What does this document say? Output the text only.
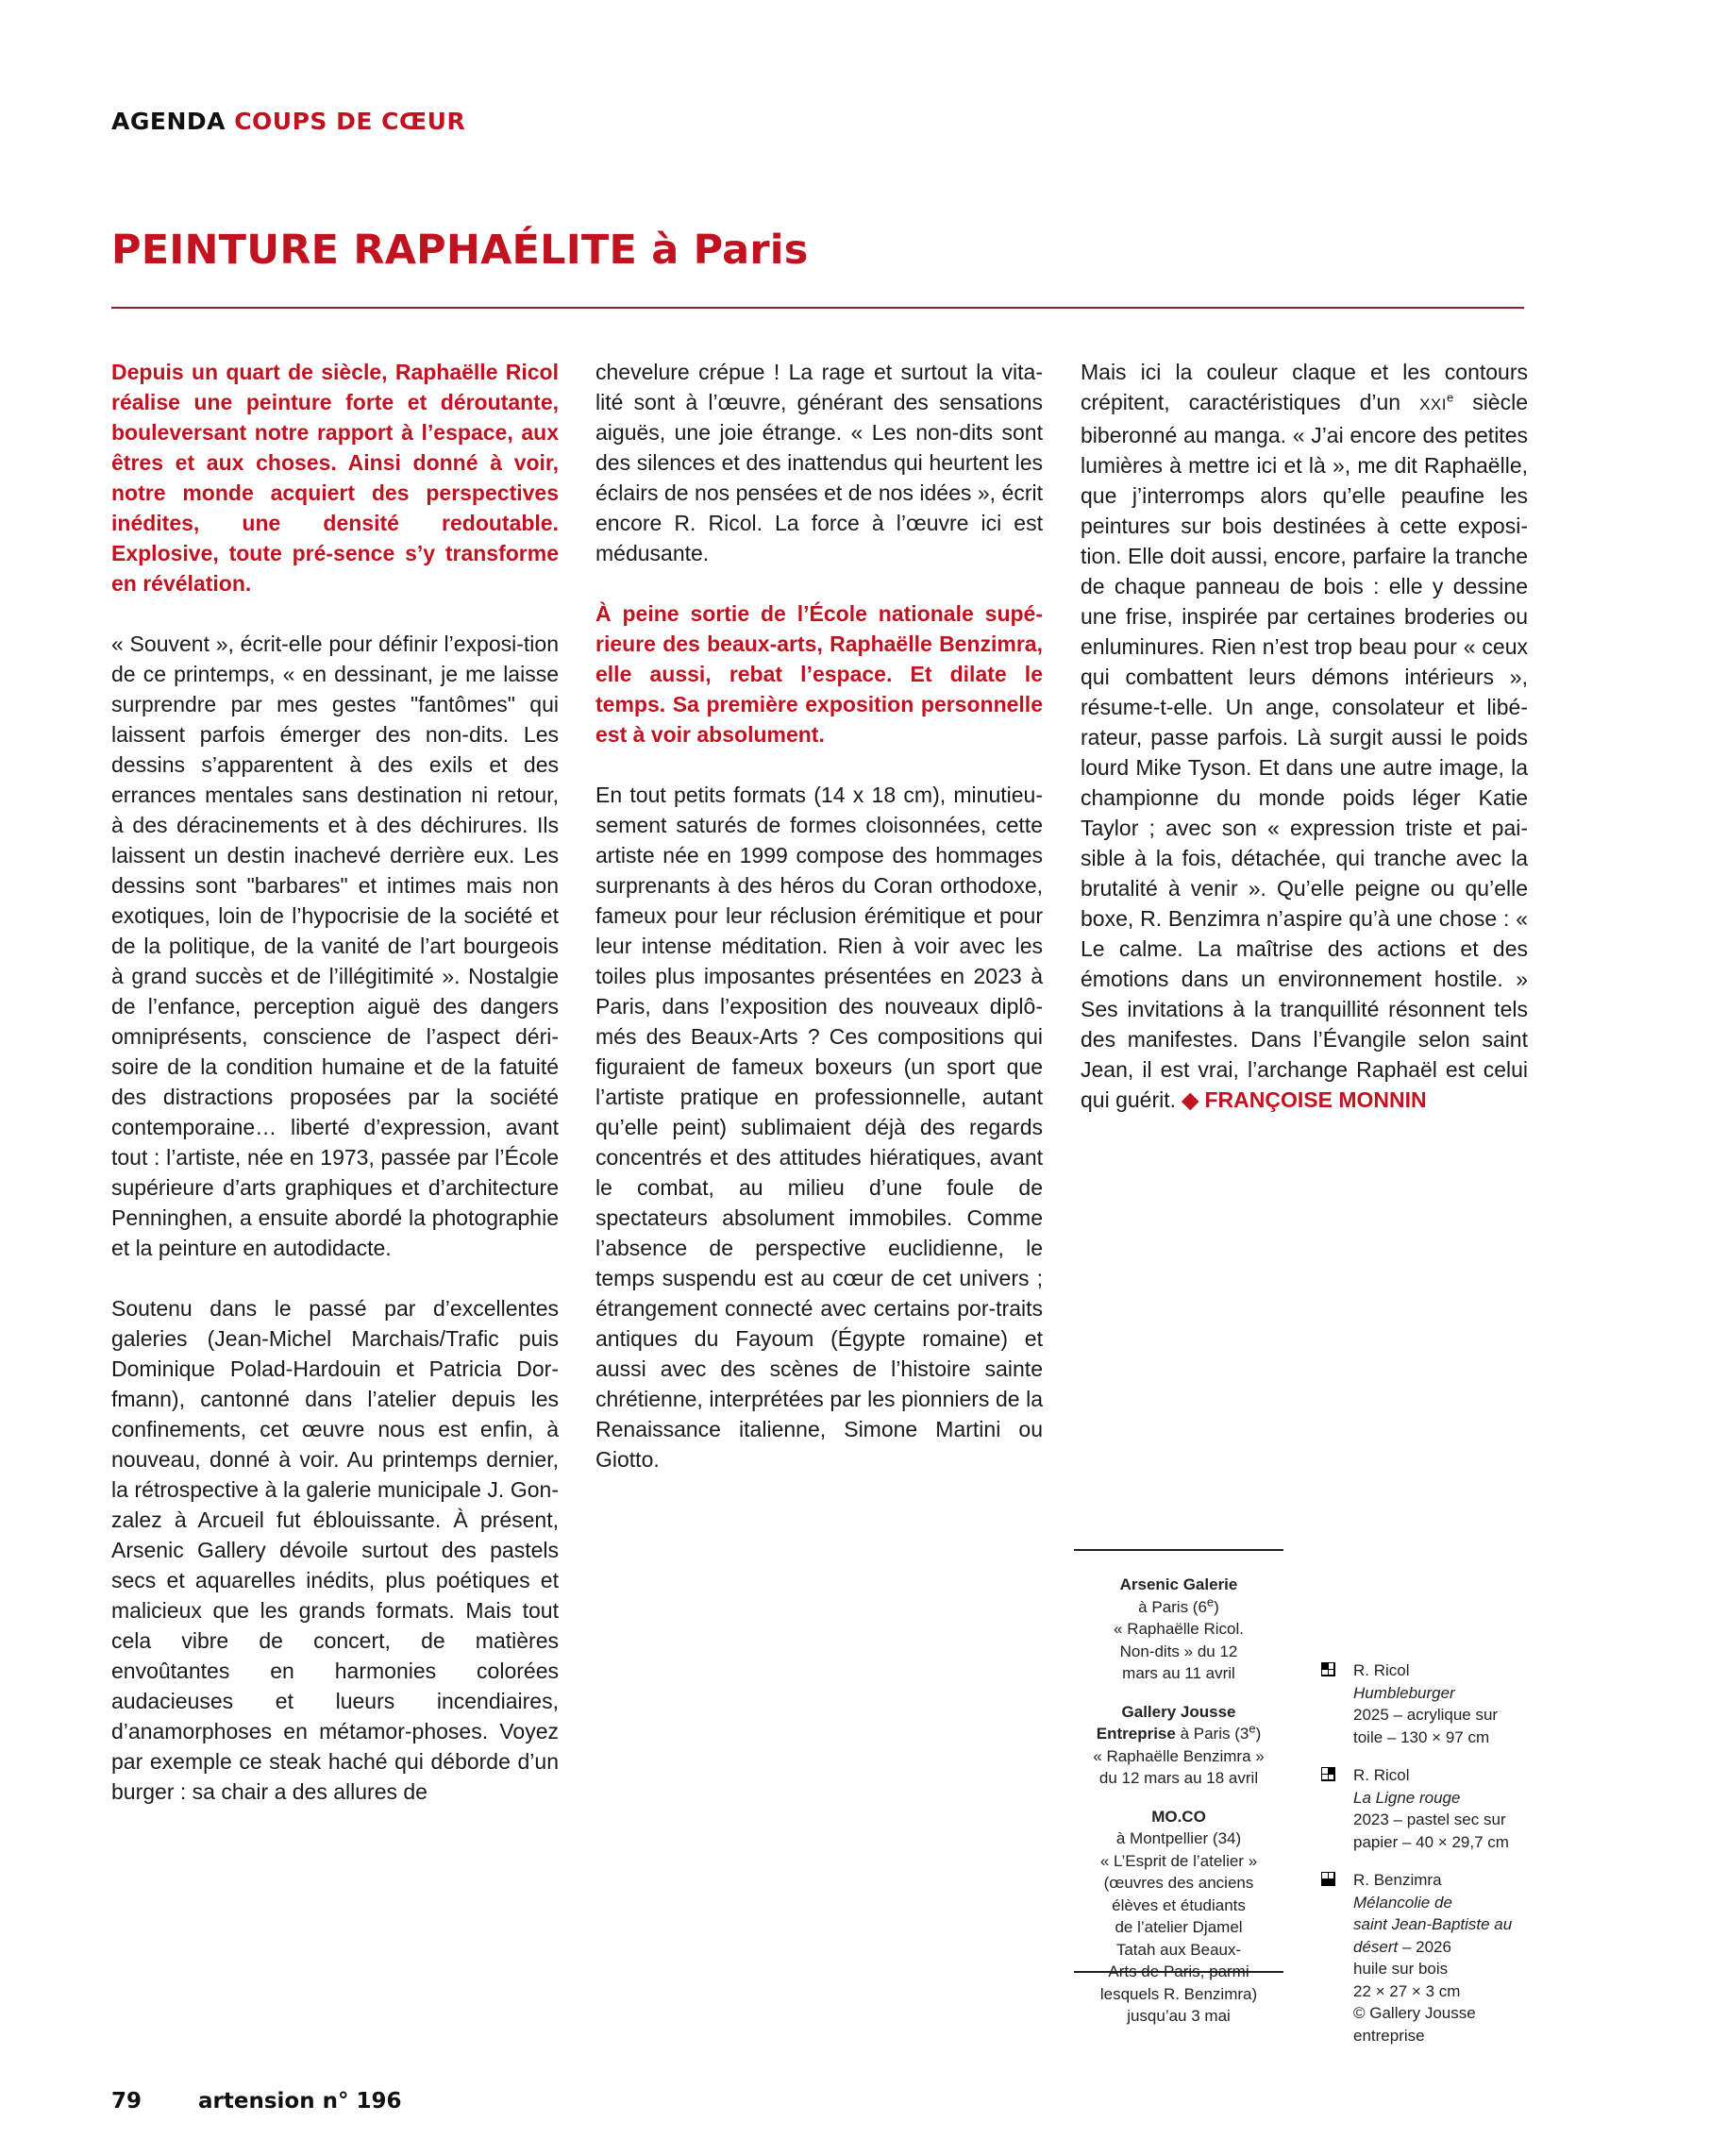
AGENDA COUPS DE CŒUR
PEINTURE RAPHAÉLITE à Paris

Depuis un quart de siècle, Raphaëlle Ricol réalise une peinture forte et déroutante, bouleversant notre rapport à l’espace, aux êtres et aux choses. Ainsi donné à voir, notre monde acquiert des perspectives inédites, une densité redoutable. Explosive, toute pré-sence s’y transforme en révélation.

« Souvent », écrit-elle pour définir l’exposi-tion de ce printemps, « en dessinant, je me laisse surprendre par mes gestes "fantômes" qui laissent parfois émerger des non-dits. Les dessins s’apparentent à des exils et des errances mentales sans destination ni retour, à des déracinements et à des déchirures. Ils laissent un destin inachevé derrière eux. Les dessins sont "barbares" et intimes mais non exotiques, loin de l’hypocrisie de la société et de la politique, de la vanité de l’art bourgeois à grand succès et de l’illégitimité ». Nostalgie de l’enfance, perception aiguë des dangers omniprésents, conscience de l’aspect déri-soire de la condition humaine et de la fatuité des distractions proposées par la société contemporaine… liberté d’expression, avant tout : l’artiste, née en 1973, passée par l’École supérieure d’arts graphiques et d’architecture Penninghen, a ensuite abordé la photographie et la peinture en autodidacte.

Soutenu dans le passé par d’excellentes galeries (Jean-Michel Marchais/Trafic puis Dominique Polad-Hardouin et Patricia Dor-fmann), cantonné dans l’atelier depuis les confinements, cet œuvre nous est enfin, à nouveau, donné à voir. Au printemps dernier, la rétrospective à la galerie municipale J. Gon-zalez à Arcueil fut éblouissante. À présent, Arsenic Gallery dévoile surtout des pastels secs et aquarelles inédits, plus poétiques et malicieux que les grands formats. Mais tout cela vibre de concert, de matières envoûtantes en harmonies colorées audacieuses et lueurs incendiaires, d’anamorphoses en métamor-phoses. Voyez par exemple ce steak haché qui déborde d’un burger : sa chair a des allures de

chevelure crépue ! La rage et surtout la vita-lité sont à l’œuvre, générant des sensations aiguës, une joie étrange. « Les non-dits sont des silences et des inattendus qui heurtent les éclairs de nos pensées et de nos idées », écrit encore R. Ricol. La force à l’œuvre ici est médusante.

À peine sortie de l’École nationale supé-rieure des beaux-arts, Raphaëlle Benzimra, elle aussi, rebat l’espace. Et dilate le temps. Sa première exposition personnelle est à voir absolument.

En tout petits formats (14 x 18 cm), minutieu-sement saturés de formes cloisonnées, cette artiste née en 1999 compose des hommages surprenants à des héros du Coran orthodoxe, fameux pour leur réclusion érémitique et pour leur intense méditation. Rien à voir avec les toiles plus imposantes présentées en 2023 à Paris, dans l’exposition des nouveaux diplô-més des Beaux-Arts ? Ces compositions qui figuraient de fameux boxeurs (un sport que l’artiste pratique en professionnelle, autant qu’elle peint) sublimaient déjà des regards concentrés et des attitudes hiératiques, avant le combat, au milieu d’une foule de spectateurs absolument immobiles. Comme l’absence de perspective euclidienne, le temps suspendu est au cœur de cet univers ; étrangement connecté avec certains por-traits antiques du Fayoum (Égypte romaine) et aussi avec des scènes de l’histoire sainte chrétienne, interprétées par les pionniers de la Renaissance italienne, Simone Martini ou Giotto.

Mais ici la couleur claque et les contours crépitent, caractéristiques d’un XXIe siècle biberonné au manga. « J’ai encore des petites lumières à mettre ici et là », me dit Raphaëlle, que j’interromps alors qu’elle peaufine les peintures sur bois destinées à cette exposi-tion. Elle doit aussi, encore, parfaire la tranche de chaque panneau de bois : elle y dessine une frise, inspirée par certaines broderies ou enluminures. Rien n’est trop beau pour « ceux qui combattent leurs démons intérieurs », résume-t-elle. Un ange, consolateur et libé-rateur, passe parfois. Là surgit aussi le poids lourd Mike Tyson. Et dans une autre image, la championne du monde poids léger Katie Taylor ; avec son « expression triste et pai-sible à la fois, détachée, qui tranche avec la brutalité à venir ». Qu’elle peigne ou qu’elle boxe, R. Benzimra n’aspire qu’à une chose : « Le calme. La maîtrise des actions et des émotions dans un environnement hostile. » Ses invitations à la tranquillité résonnent tels des manifestes. Dans l’Évangile selon saint Jean, il est vrai, l’archange Raphaël est celui qui guérit. ◆ FRANÇOISE MONNIN

Arsenic Galerie
à Paris (6e)
« Raphaëlle Ricol.
Non-dits » du 12
mars au 11 avril
Gallery Jousse
Entreprise à Paris (3e)
« Raphaëlle Benzimra »
du 12 mars au 18 avril
MO.CO
à Montpellier (34)
« L’Esprit de l’atelier »
(œuvres des anciens
élèves et étudiants
de l’atelier Djamel
Tatah aux Beaux-
Arts de Paris, parmi
lesquels R. Benzimra)
jusqu’au 3 mai
R. Ricol
Humbleburger
2025 – acrylique sur
toile – 130 × 97 cm
R. Ricol
La Ligne rouge
2023 – pastel sec sur
papier – 40 × 29,7 cm
R. Benzimra
Mélancolie de
saint Jean-Baptiste au
désert – 2026
huile sur bois
22 × 27 × 3 cm
© Gallery Jousse
entreprise
79	artension n° 196
